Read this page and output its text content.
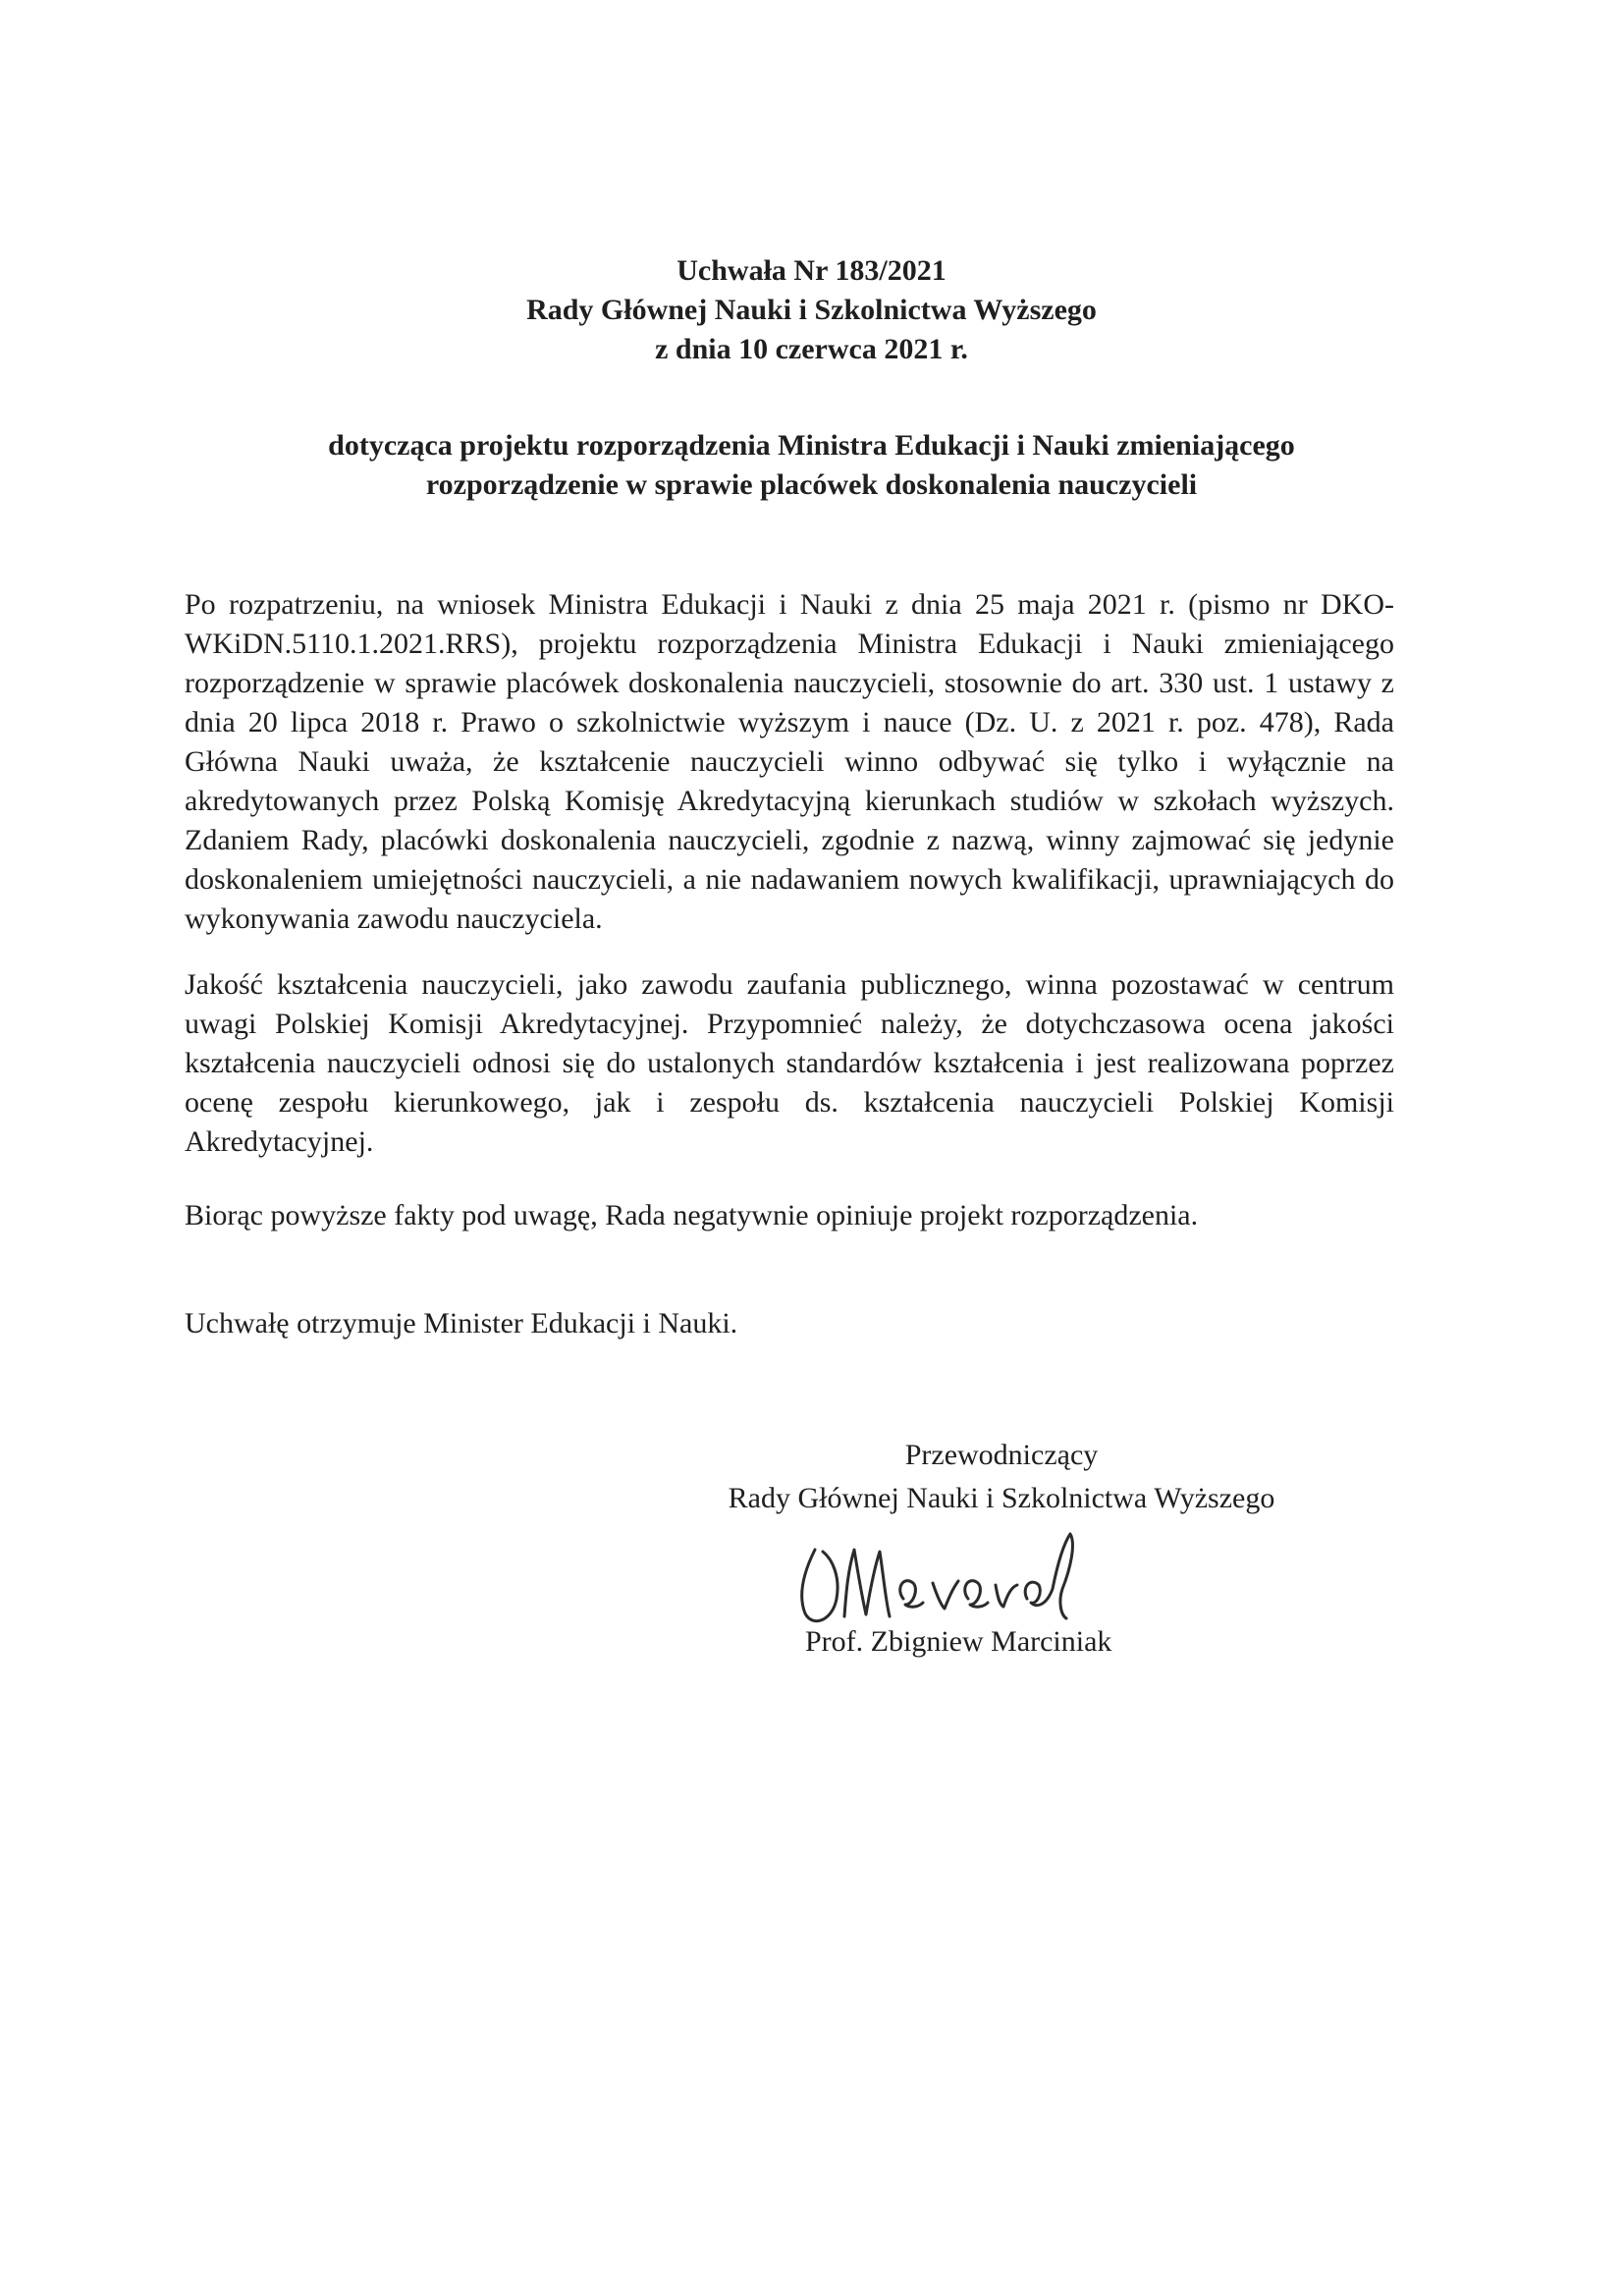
Uchwała Nr 183/2021
Rady Głównej Nauki i Szkolnictwa Wyższego
z dnia 10 czerwca 2021 r.
dotycząca projektu rozporządzenia Ministra Edukacji i Nauki zmieniającego
rozporządzenie w sprawie placówek doskonalenia nauczycieli

Po rozpatrzeniu, na wniosek Ministra Edukacji i Nauki z dnia 25 maja 2021 r. (pismo nr DKO-WKiDN.5110.1.2021.RRS), projektu rozporządzenia Ministra Edukacji i Nauki zmieniającego rozporządzenie w sprawie placówek doskonalenia nauczycieli, stosownie do art. 330 ust. 1 ustawy z dnia 20 lipca 2018 r. Prawo o szkolnictwie wyższym i nauce (Dz. U. z 2021 r. poz. 478), Rada Główna Nauki uważa, że kształcenie nauczycieli winno odbywać się tylko i wyłącznie na akredytowanych przez Polską Komisję Akredytacyjną kierunkach studiów w szkołach wyższych. Zdaniem Rady, placówki doskonalenia nauczycieli, zgodnie z nazwą, winny zajmować się jedynie doskonaleniem umiejętności nauczycieli, a nie nadawaniem nowych kwalifikacji, uprawniających do wykonywania zawodu nauczyciela.

Jakość kształcenia nauczycieli, jako zawodu zaufania publicznego, winna pozostawać w centrum uwagi Polskiej Komisji Akredytacyjnej. Przypomnieć należy, że dotychczasowa ocena jakości kształcenia nauczycieli odnosi się do ustalonych standardów kształcenia i jest realizowana poprzez ocenę zespołu kierunkowego, jak i zespołu ds. kształcenia nauczycieli Polskiej Komisji Akredytacyjnej.

Biorąc powyższe fakty pod uwagę, Rada negatywnie opiniuje projekt rozporządzenia.

Uchwałę otrzymuje Minister Edukacji i Nauki.

Przewodniczący
Rady Głównej Nauki i Szkolnictwa Wyższego
Prof. Zbigniew Marciniak
